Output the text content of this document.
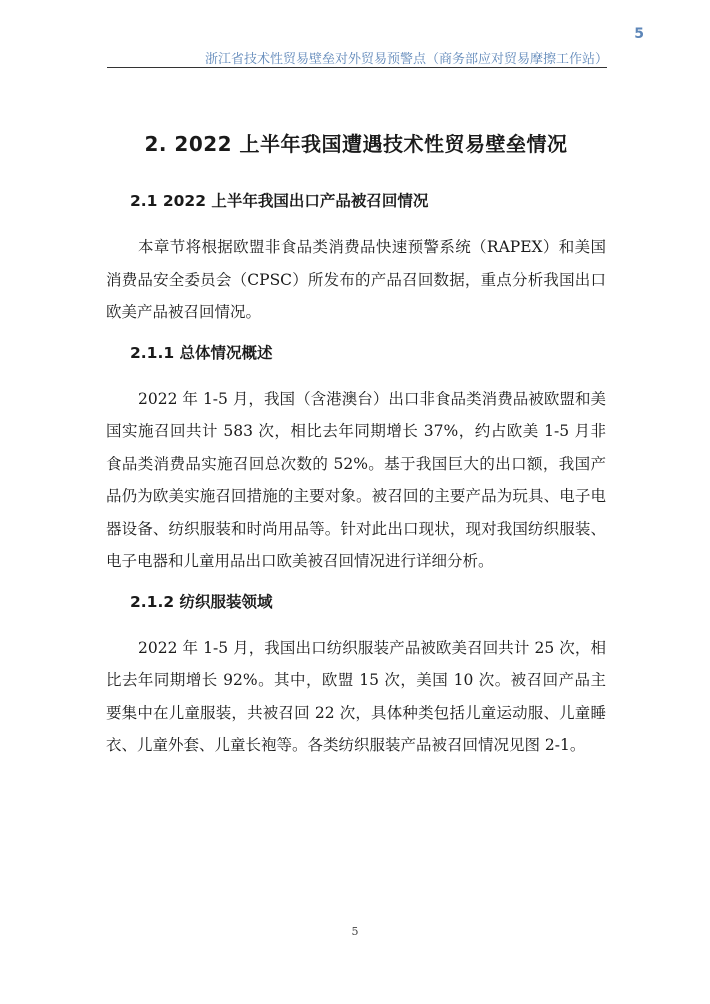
5
浙江省技术性贸易壁垒对外贸易预警点（商务部应对贸易摩擦工作站）
2. 2022 上半年我国遭遇技术性贸易壁垒情况
2.1 2022 上半年我国出口产品被召回情况

本章节将根据欧盟非食品类消费品快速预警系统（RAPEX）和美国消费品安全委员会（CPSC）所发布的产品召回数据，重点分析我国出口欧美产品被召回情况。

2.1.1 总体情况概述

2022 年 1-5 月，我国（含港澳台）出口非食品类消费品被欧盟和美国实施召回共计 583 次，相比去年同期增长 37%，约占欧美 1-5 月非食品类消费品实施召回总次数的 52%。基于我国巨大的出口额，我国产品仍为欧美实施召回措施的主要对象。被召回的主要产品为玩具、电子电器设备、纺织服装和时尚用品等。针对此出口现状，现对我国纺织服装、电子电器和儿童用品出口欧美被召回情况进行详细分析。

2.1.2 纺织服装领域

2022 年 1-5 月，我国出口纺织服装产品被欧美召回共计 25 次，相比去年同期增长 92%。其中，欧盟 15 次，美国 10 次。被召回产品主要集中在儿童服装，共被召回 22 次，具体种类包括儿童运动服、儿童睡衣、儿童外套、儿童长袍等。各类纺织服装产品被召回情况见图 2-1。

5
